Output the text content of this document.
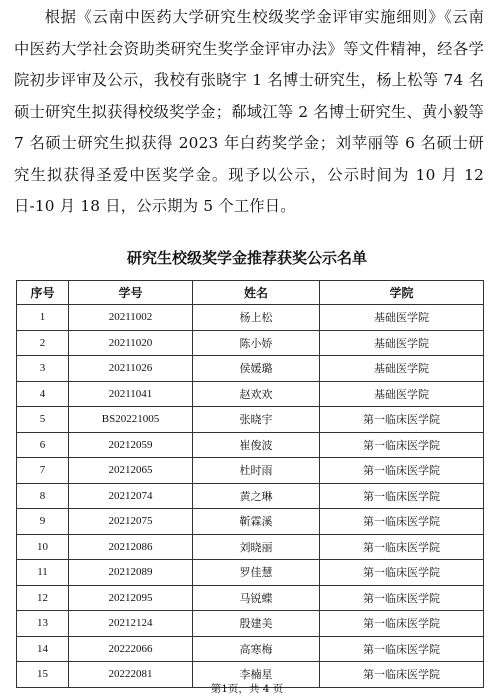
根据《云南中医药大学研究生校级奖学金评审实施细则》《云南中医药大学社会资助类研究生奖学金评审办法》等文件精神，经各学院初步评审及公示，我校有张晓宇 1 名博士研究生，杨上松等 74 名硕士研究生拟获得校级奖学金；郗域江等 2 名博士研究生、黄小毅等 7 名硕士研究生拟获得 2023 年白药奖学金；刘苹丽等 6 名硕士研究生拟获得圣爱中医奖学金。现予以公示，公示时间为 10 月 12 日-10 月 18 日，公示期为 5 个工作日。

研究生校级奖学金推荐获奖公示名单
序号	学号	姓名	学院
1	20211002	杨上松	基础医学院
2	20211020	陈小娇	基础医学院
3	20211026	侯媛璐	基础医学院
4	20211041	赵欢欢	基础医学院
5	BS20221005	张晓宇	第一临床医学院
6	20212059	崔俊波	第一临床医学院
7	20212065	杜时雨	第一临床医学院
8	20212074	黄之琳	第一临床医学院
9	20212075	靳霖溪	第一临床医学院
10	20212086	刘晓丽	第一临床医学院
11	20212089	罗佳慧	第一临床医学院
12	20212095	马锐蝶	第一临床医学院
13	20212124	殷建美	第一临床医学院
14	20222066	高寒梅	第一临床医学院
15	20222081	李楠星	第一临床医学院

第1页，共 4 页
